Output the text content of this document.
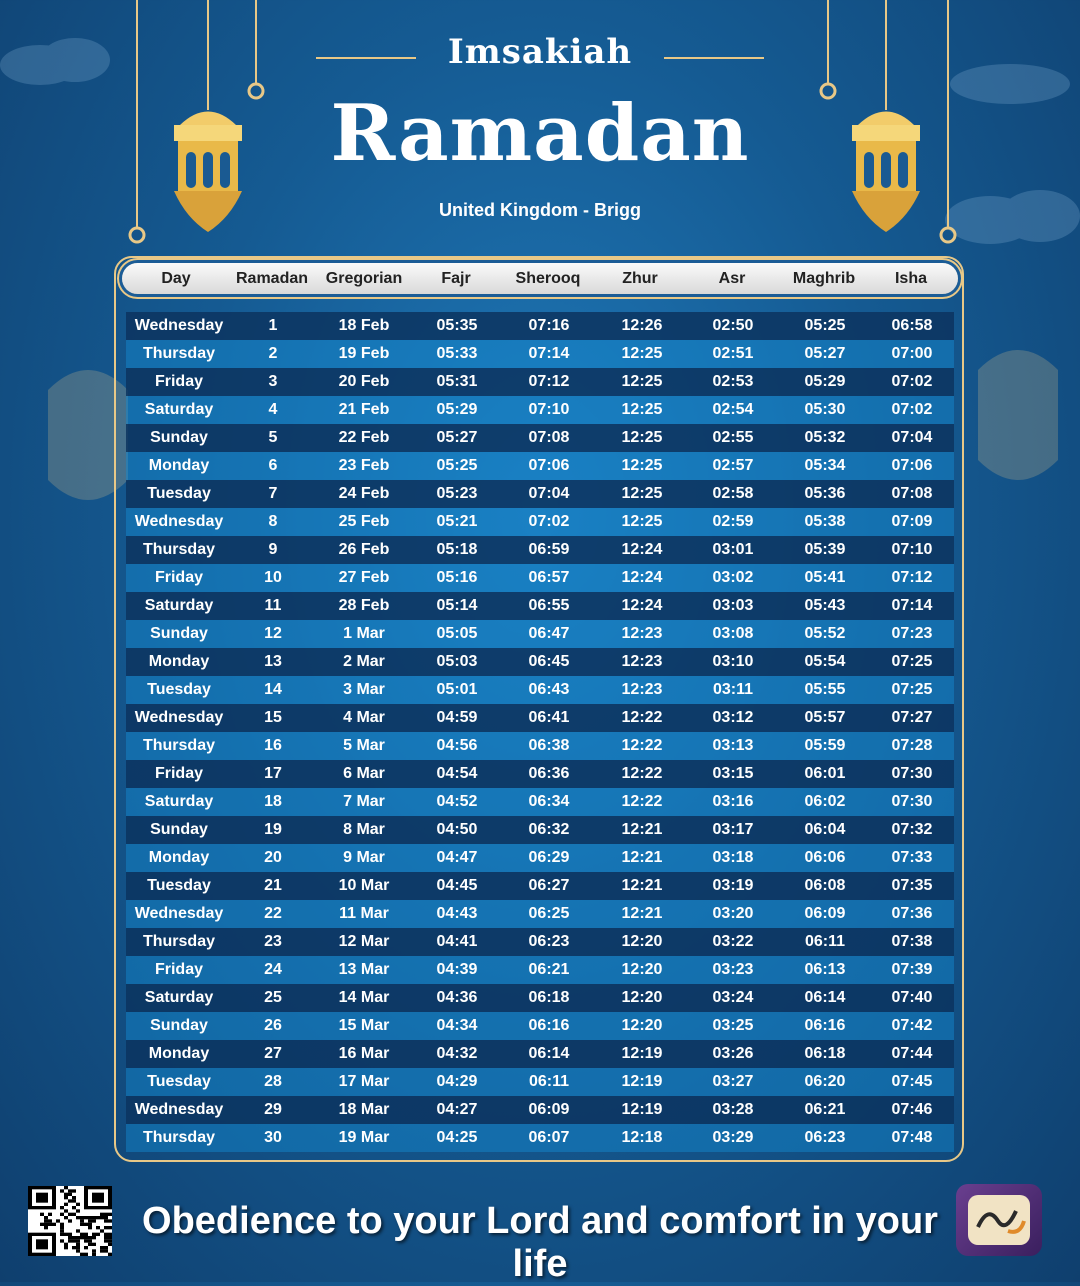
Imsakiah
Ramadan
United Kingdom - Brigg
Day	Ramadan	Gregorian	Fajr	Sherooq	Zhur	Asr	Maghrib	Isha
Wednesday	1	18 Feb	05:35	07:16	12:26	02:50	05:25	06:58
Thursday	2	19 Feb	05:33	07:14	12:25	02:51	05:27	07:00
Friday	3	20 Feb	05:31	07:12	12:25	02:53	05:29	07:02
Saturday	4	21 Feb	05:29	07:10	12:25	02:54	05:30	07:02
Sunday	5	22 Feb	05:27	07:08	12:25	02:55	05:32	07:04
Monday	6	23 Feb	05:25	07:06	12:25	02:57	05:34	07:06
Tuesday	7	24 Feb	05:23	07:04	12:25	02:58	05:36	07:08
Wednesday	8	25 Feb	05:21	07:02	12:25	02:59	05:38	07:09
Thursday	9	26 Feb	05:18	06:59	12:24	03:01	05:39	07:10
Friday	10	27 Feb	05:16	06:57	12:24	03:02	05:41	07:12
Saturday	11	28 Feb	05:14	06:55	12:24	03:03	05:43	07:14
Sunday	12	1 Mar	05:05	06:47	12:23	03:08	05:52	07:23
Monday	13	2 Mar	05:03	06:45	12:23	03:10	05:54	07:25
Tuesday	14	3 Mar	05:01	06:43	12:23	03:11	05:55	07:25
Wednesday	15	4 Mar	04:59	06:41	12:22	03:12	05:57	07:27
Thursday	16	5 Mar	04:56	06:38	12:22	03:13	05:59	07:28
Friday	17	6 Mar	04:54	06:36	12:22	03:15	06:01	07:30
Saturday	18	7 Mar	04:52	06:34	12:22	03:16	06:02	07:30
Sunday	19	8 Mar	04:50	06:32	12:21	03:17	06:04	07:32
Monday	20	9 Mar	04:47	06:29	12:21	03:18	06:06	07:33
Tuesday	21	10 Mar	04:45	06:27	12:21	03:19	06:08	07:35
Wednesday	22	11 Mar	04:43	06:25	12:21	03:20	06:09	07:36
Thursday	23	12 Mar	04:41	06:23	12:20	03:22	06:11	07:38
Friday	24	13 Mar	04:39	06:21	12:20	03:23	06:13	07:39
Saturday	25	14 Mar	04:36	06:18	12:20	03:24	06:14	07:40
Sunday	26	15 Mar	04:34	06:16	12:20	03:25	06:16	07:42
Monday	27	16 Mar	04:32	06:14	12:19	03:26	06:18	07:44
Tuesday	28	17 Mar	04:29	06:11	12:19	03:27	06:20	07:45
Wednesday	29	18 Mar	04:27	06:09	12:19	03:28	06:21	07:46
Thursday	30	19 Mar	04:25	06:07	12:18	03:29	06:23	07:48
Obedience to your Lord and comfort in your life
